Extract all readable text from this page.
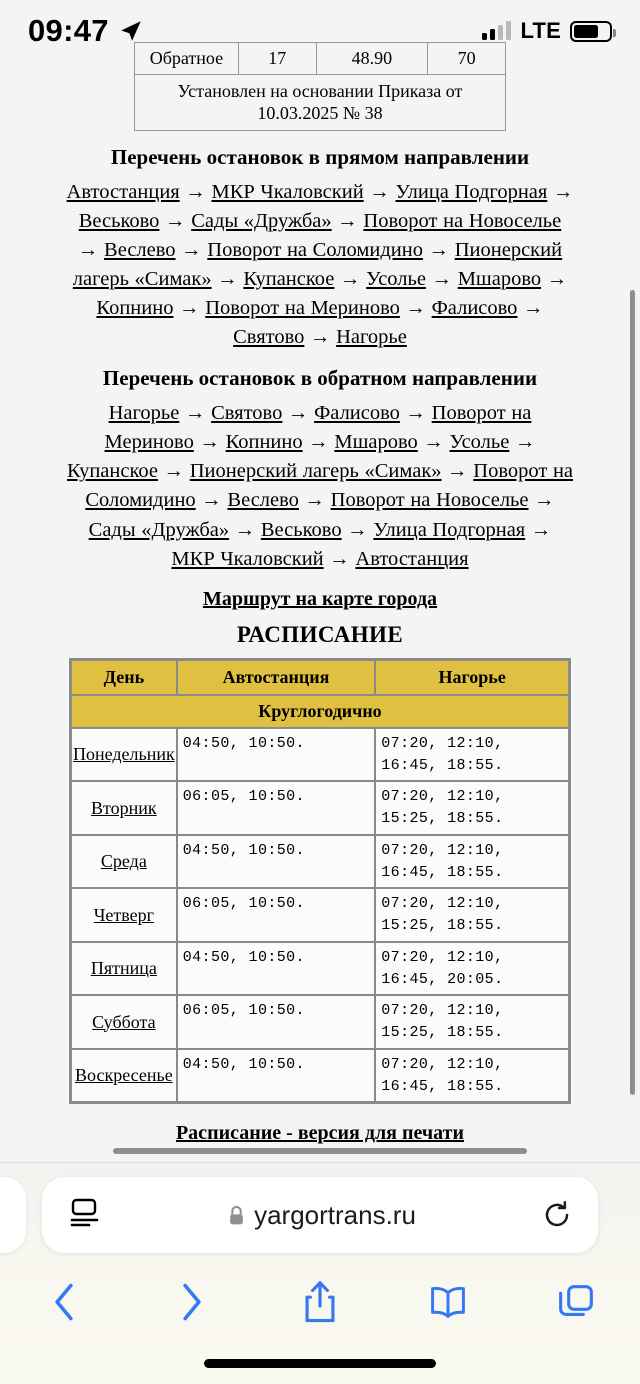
09:47	LTE
Обратное	17	48.90	70
Установлен на основании Приказа от 10.03.2025 № 38
Перечень остановок в прямом направлении
Автостанция → МКР Чкаловский → Улица Подгорная → Веськово → Сады «Дружба» → Поворот на Новоселье → Веслево → Поворот на Соломидино → Пионерский лагерь «Симак» → Купанское → Усолье → Мшарово → Копнино → Поворот на Мериново → Фалисово → Святово → Нагорье
Перечень остановок в обратном направлении
Нагорье → Святово → Фалисово → Поворот на Мериново → Копнино → Мшарово → Усолье → Купанское → Пионерский лагерь «Симак» → Поворот на Соломидино → Веслево → Поворот на Новоселье → Сады «Дружба» → Веськово → Улица Подгорная → МКР Чкаловский → Автостанция
Маршрут на карте города
РАСПИСАНИЕ
День	Автостанция	Нагорье
Круглогодично		
Понедельник	04:50, 10:50.	07:20, 12:10, 16:45, 18:55.
Вторник	06:05, 10:50.	07:20, 12:10, 15:25, 18:55.
Среда	04:50, 10:50.	07:20, 12:10, 16:45, 18:55.
Четверг	06:05, 10:50.	07:20, 12:10, 15:25, 18:55.
Пятница	04:50, 10:50.	07:20, 12:10, 16:45, 20:05.
Суббота	06:05, 10:50.	07:20, 12:10, 15:25, 18:55.
Воскресенье	04:50, 10:50.	07:20, 12:10, 16:45, 18:55.
Расписание - версия для печати
yargortrans.ru
